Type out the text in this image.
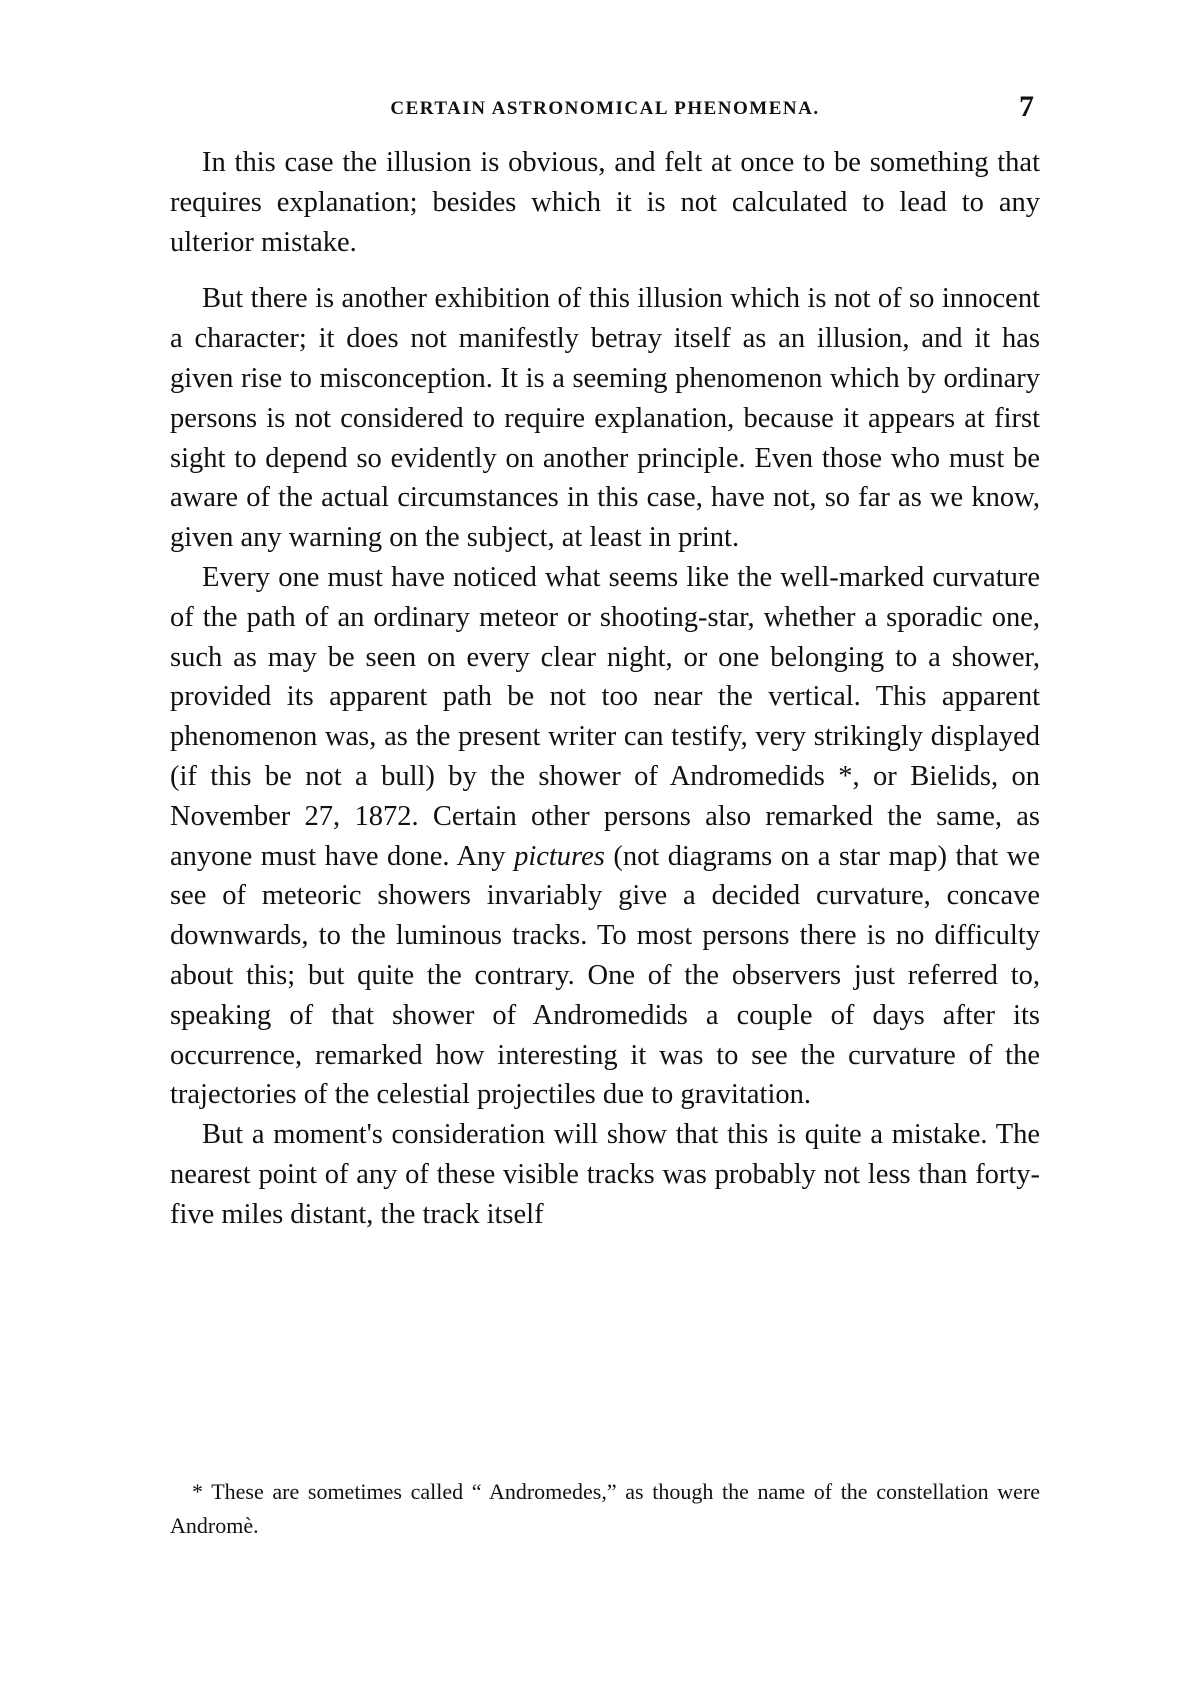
CERTAIN ASTRONOMICAL PHENOMENA.	7

In this case the illusion is obvious, and felt at once to be something that requires explanation; besides which it is not calculated to lead to any ulterior mistake.

But there is another exhibition of this illusion which is not of so innocent a character; it does not manifestly betray itself as an illusion, and it has given rise to misconception. It is a seeming phenomenon which by ordinary persons is not considered to require explanation, because it appears at first sight to depend so evidently on another principle. Even those who must be aware of the actual circumstances in this case, have not, so far as we know, given any warning on the subject, at least in print.

Every one must have noticed what seems like the well-marked curvature of the path of an ordinary meteor or shooting-star, whether a sporadic one, such as may be seen on every clear night, or one belonging to a shower, provided its apparent path be not too near the vertical. This apparent phenomenon was, as the present writer can testify, very strikingly displayed (if this be not a bull) by the shower of Andromedids *, or Bielids, on November 27, 1872. Certain other persons also remarked the same, as anyone must have done. Any pictures (not diagrams on a star map) that we see of meteoric showers invariably give a decided curvature, concave downwards, to the luminous tracks. To most persons there is no difficulty about this; but quite the contrary. One of the observers just referred to, speaking of that shower of Andromedids a couple of days after its occurrence, remarked how interesting it was to see the curvature of the trajectories of the celestial projectiles due to gravitation.

But a moment's consideration will show that this is quite a mistake. The nearest point of any of these visible tracks was probably not less than forty-five miles distant, the track itself

* These are sometimes called “ Andromedes,” as though the name of the constellation were Andromè.
